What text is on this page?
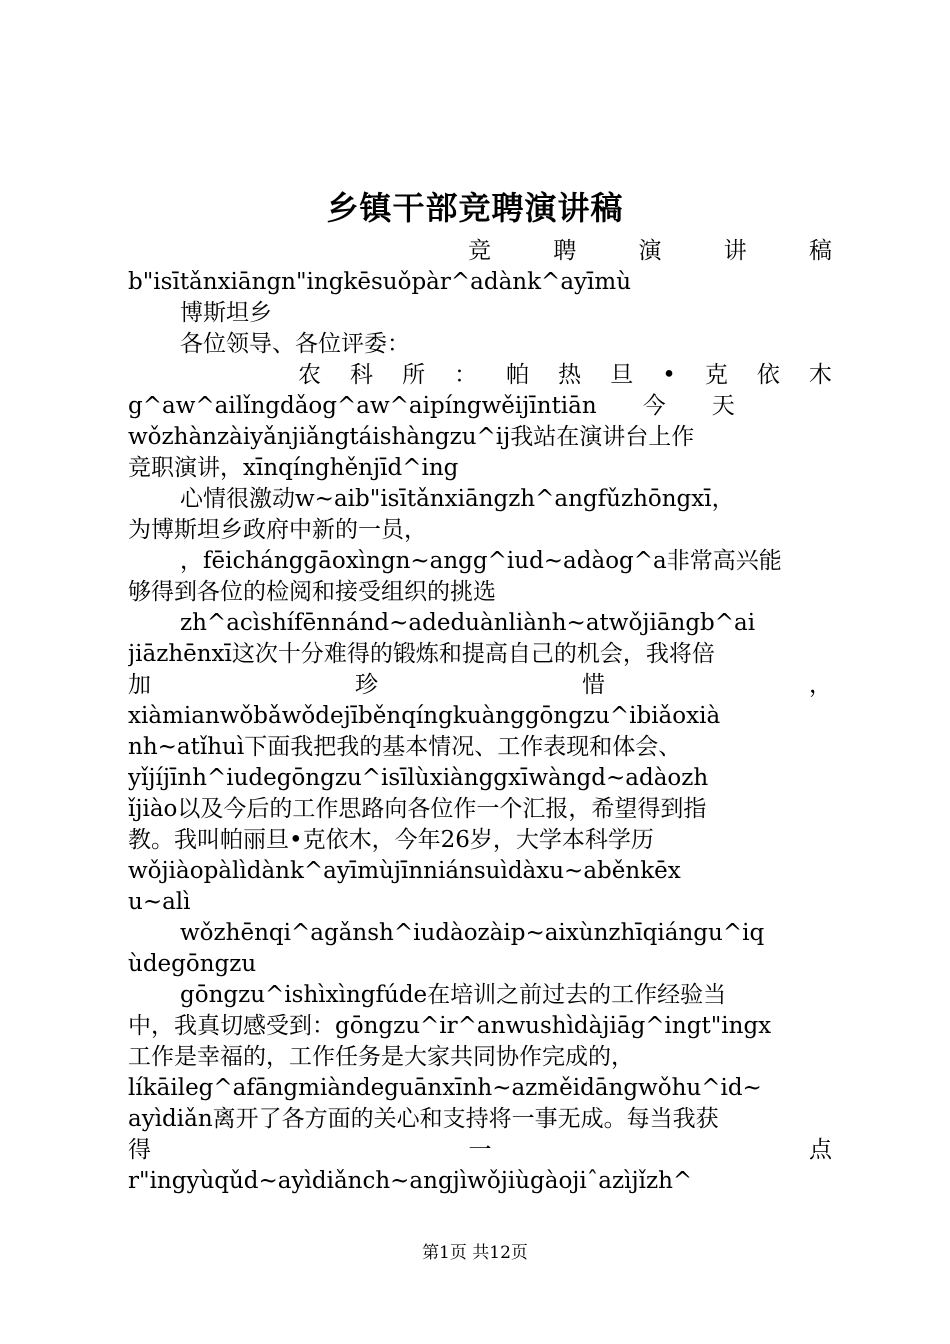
乡镇干部竞聘演讲稿
竞	聘	演	讲	稿
b"isītǎnxiāngn"ingkēsuǒpàr^adànk^ayīmù
博斯坦乡
各位领导、各位评委：
农 科 所 ： 帕 热 旦 • 克 依 木
g^aw^ailǐngdǎog^aw^aipíngwěijīntiān　　今　　天
wǒzhànzàiyǎnjiǎngtáishàngzu^ij我站在演讲台上作
竞职演讲，xīnqínghěnjīd^ing
心情很激动w~aib"isītǎnxiāngzh^angfǔzhōngxī，
为博斯坦乡政府中新的一员，
，fēichánggāoxìngn~angg^iud~adàog^a非常高兴能
够得到各位的检阅和接受组织的挑选
zh^acìshífēnnánd~adeduànliành~atwǒjiāngb^ai
jiāzhēnxī这次十分难得的锻炼和提高自己的机会，我将倍
加	珍	惜	，
xiàmianwǒbǎwǒdejīběnqíngkuànggōngzu^ibiǎoxià
nh~atǐhuì下面我把我的基本情况、工作表现和体会、
yǐjíjīnh^iudegōngzu^isīlùxiànggxīwàngd~adàozh
ǐjiào以及今后的工作思路向各位作一个汇报，希望得到指
教。我叫帕丽旦•克依木，今年26岁，大学本科学历
wǒjiàopàlìdànk^ayīmùjīnniánsuìdàxu~aběnkēx
u~alì
wǒzhēnqi^agǎnsh^iudàozàip~aixùnzhīqiángu^iq
ùdegōngzu
gōngzu^ishìxìngfúde在培训之前过去的工作经验当
中，我真切感受到：gōngzu^ir^anwushìdàjiāg^ingt"ingx
工作是幸福的，工作任务是大家共同协作完成的，
líkāileg^afāngmiàndeguānxīnh~azměidāngwǒhu^id~
ayìdiǎn离开了各方面的关心和支持将一事无成。每当我获
得	一	点
r"ingyùqǔd~ayìdiǎnch~angjìwǒjiùgàojiˆazìjǐzh^
第1页 共12页
